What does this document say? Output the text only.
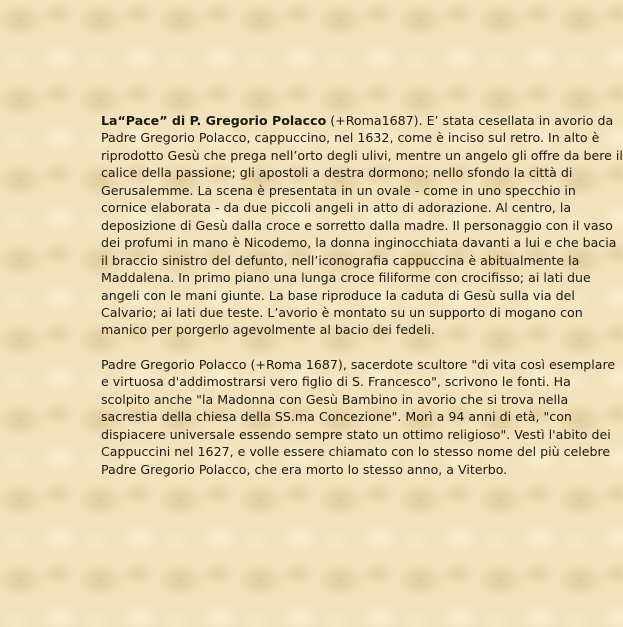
La“Pace” di P. Gregorio Polacco (+Roma1687). E’ stata cesellata in avorio da Padre Gregorio Polacco, cappuccino, nel 1632, come è inciso sul retro. In alto è riprodotto Gesù che prega nell’orto degli ulivi, mentre un angelo gli offre da bere il calice della passione; gli apostoli a destra dormono; nello sfondo la città di Gerusalemme. La scena è presentata in un ovale - come in uno specchio in cornice elaborata - da due piccoli angeli in atto di adorazione. Al centro, la deposizione di Gesù dalla croce e sorretto dalla madre. Il personaggio con il vaso dei profumi in mano è Nicodemo, la donna inginocchiata davanti a lui e che bacia il braccio sinistro del defunto, nell’iconografia cappuccina è abitualmente la Maddalena. In primo piano una lunga croce filiforme con crocifisso; ai lati due angeli con le mani giunte. La base riproduce la caduta di Gesù sulla via del Calvario; ai lati due teste. L’avorio è montato su un supporto di mogano con manico per porgerlo agevolmente al bacio dei fedeli.

Padre Gregorio Polacco (+Roma 1687), sacerdote scultore "di vita così esemplare e virtuosa d'addimostrarsi vero figlio di S. Francesco", scrivono le fonti. Ha scolpito anche "la Madonna con Gesù Bambino in avorio che si trova nella sacrestia della chiesa della SS.ma Concezione". Morì a 94 anni di età, "con dispiacere universale essendo sempre stato un ottimo religioso". Vestì l'abito dei Cappuccini nel 1627, e volle essere chiamato con lo stesso nome del più celebre Padre Gregorio Polacco, che era morto lo stesso anno, a Viterbo.
